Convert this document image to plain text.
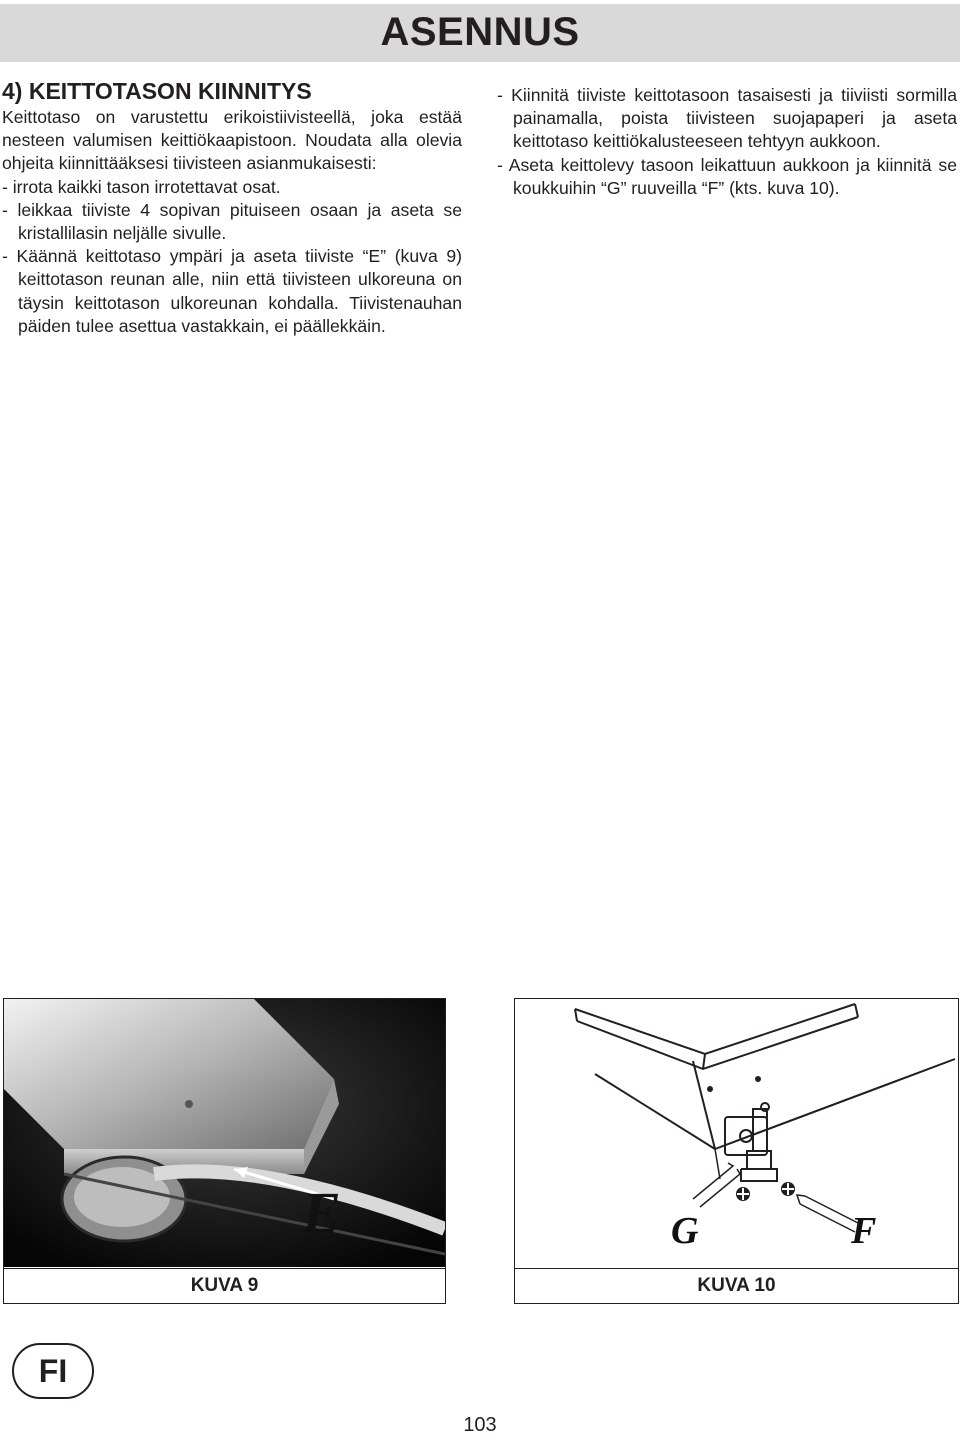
ASENNUS
4) KEITTOTASON KIINNITYS

Keittotaso on varustettu erikoistiivisteellä, joka estää nesteen valumisen keittiökaapistoon. Noudata alla olevia ohjeita kiinnittääksesi tiivisteen asianmukaisesti:

- irrota kaikki tason irrotettavat osat.

- leikkaa tiiviste 4 sopivan pituiseen osaan ja aseta se kristallilasin neljälle sivulle.

- Käännä keittotaso ympäri ja aseta tiiviste “E” (kuva 9) keittotason reunan alle, niin että tiivisteen ulkoreuna on täysin keittotason ulkoreunan kohdalla. Tiivistenauhan päiden tulee asettua vastakkain, ei päällekkäin.

- Kiinnitä tiiviste keittotasoon tasaisesti ja tiiviisti sormilla painamalla, poista tiivisteen suojapaperi ja aseta keittotaso keittiökalusteeseen tehtyyn aukkoon.

- Aseta keittolevy tasoon leikattuun aukkoon ja kiinnitä se koukkuihin “G” ruuveilla “F” (kts. kuva 10).

E
KUVA 9
G	F
KUVA 10
FI
103
